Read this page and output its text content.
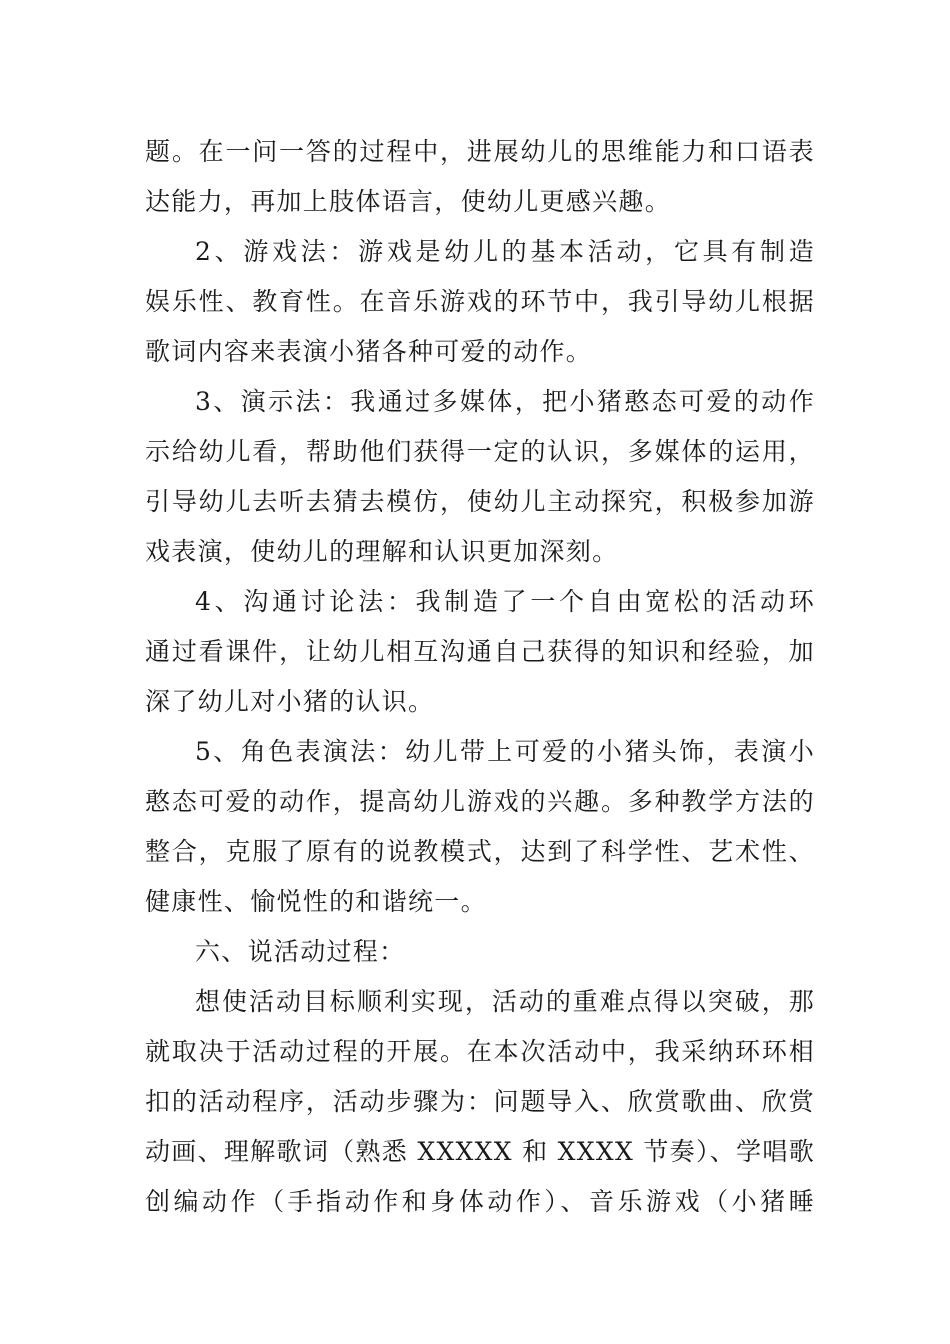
题。在一问一答的过程中，进展幼儿的思维能力和口语表
达能力，再加上肢体语言，使幼儿更感兴趣。
2、游戏法：游戏是幼儿的基本活动，它具有制造
娱乐性、教育性。在音乐游戏的环节中，我引导幼儿根据
歌词内容来表演小猪各种可爱的动作。
3、演示法：我通过多媒体，把小猪憨态可爱的动作
示给幼儿看，帮助他们获得一定的认识，多媒体的运用，
引导幼儿去听去猜去模仿，使幼儿主动探究，积极参加游
戏表演，使幼儿的理解和认识更加深刻。
4、沟通讨论法：我制造了一个自由宽松的活动环
通过看课件，让幼儿相互沟通自己获得的知识和经验，加
深了幼儿对小猪的认识。
5、角色表演法：幼儿带上可爱的小猪头饰，表演小
憨态可爱的动作，提高幼儿游戏的兴趣。多种教学方法的
整合，克服了原有的说教模式，达到了科学性、艺术性、
健康性、愉悦性的和谐统一。
六、说活动过程：
想使活动目标顺利实现，活动的重难点得以突破，那
就取决于活动过程的开展。在本次活动中，我采纳环环相
扣的活动程序，活动步骤为：问题导入、欣赏歌曲、欣赏
动画、理解歌词（熟悉 XXXXX 和 XXXX 节奏）、学唱歌
创编动作（手指动作和身体动作）、音乐游戏（小猪睡
